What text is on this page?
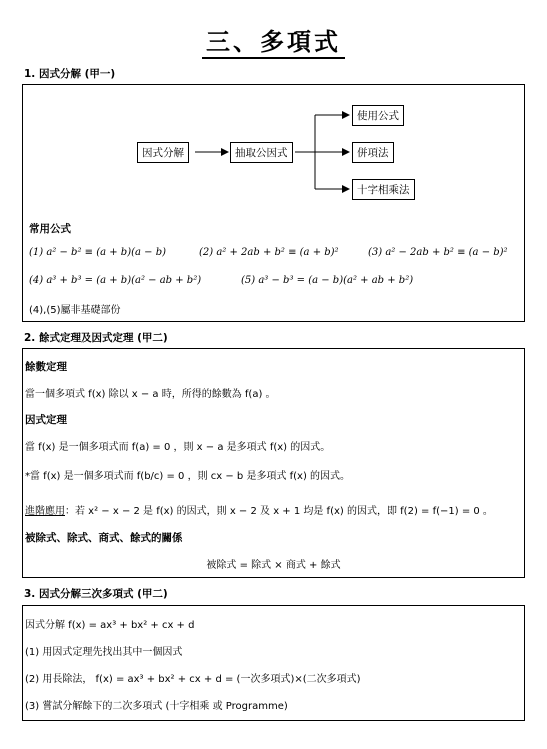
三、多項式
1. 因式分解 (甲一)
因式分解	抽取公因式
使用公式
併項法
十字相乘法
常用公式
(1) a² − b² ≡ (a + b)(a − b)	(2) a² + 2ab + b² ≡ (a + b)²	(3) a² − 2ab + b² ≡ (a − b)²
(4) a³ + b³ = (a + b)(a² − ab + b²)	(5) a³ − b³ = (a − b)(a² + ab + b²)
(4),(5)屬非基礎部份
2. 餘式定理及因式定理 (甲二)
餘數定理
當一個多項式 f(x) 除以 x − a 時，所得的餘數為 f(a) 。
因式定理
當 f(x) 是一個多項式而 f(a) = 0 ，則 x − a 是多項式 f(x) 的因式。
*當 f(x) 是一個多項式而 f(b/c) = 0 ，則 cx − b 是多項式 f(x) 的因式。
進階應用：若 x² − x − 2 是 f(x) 的因式，則 x − 2 及 x + 1 均是 f(x) 的因式，即 f(2) = f(−1) = 0 。
被除式、除式、商式、餘式的關係
被除式 = 除式 × 商式 + 餘式
3. 因式分解三次多項式 (甲二)
因式分解 f(x) = ax³ + bx² + cx + d
(1) 用因式定理先找出其中一個因式
(2) 用長除法， f(x) = ax³ + bx² + cx + d = (一次多項式)×(二次多項式)
(3) 嘗試分解餘下的二次多項式 (十字相乘 或 Programme)
